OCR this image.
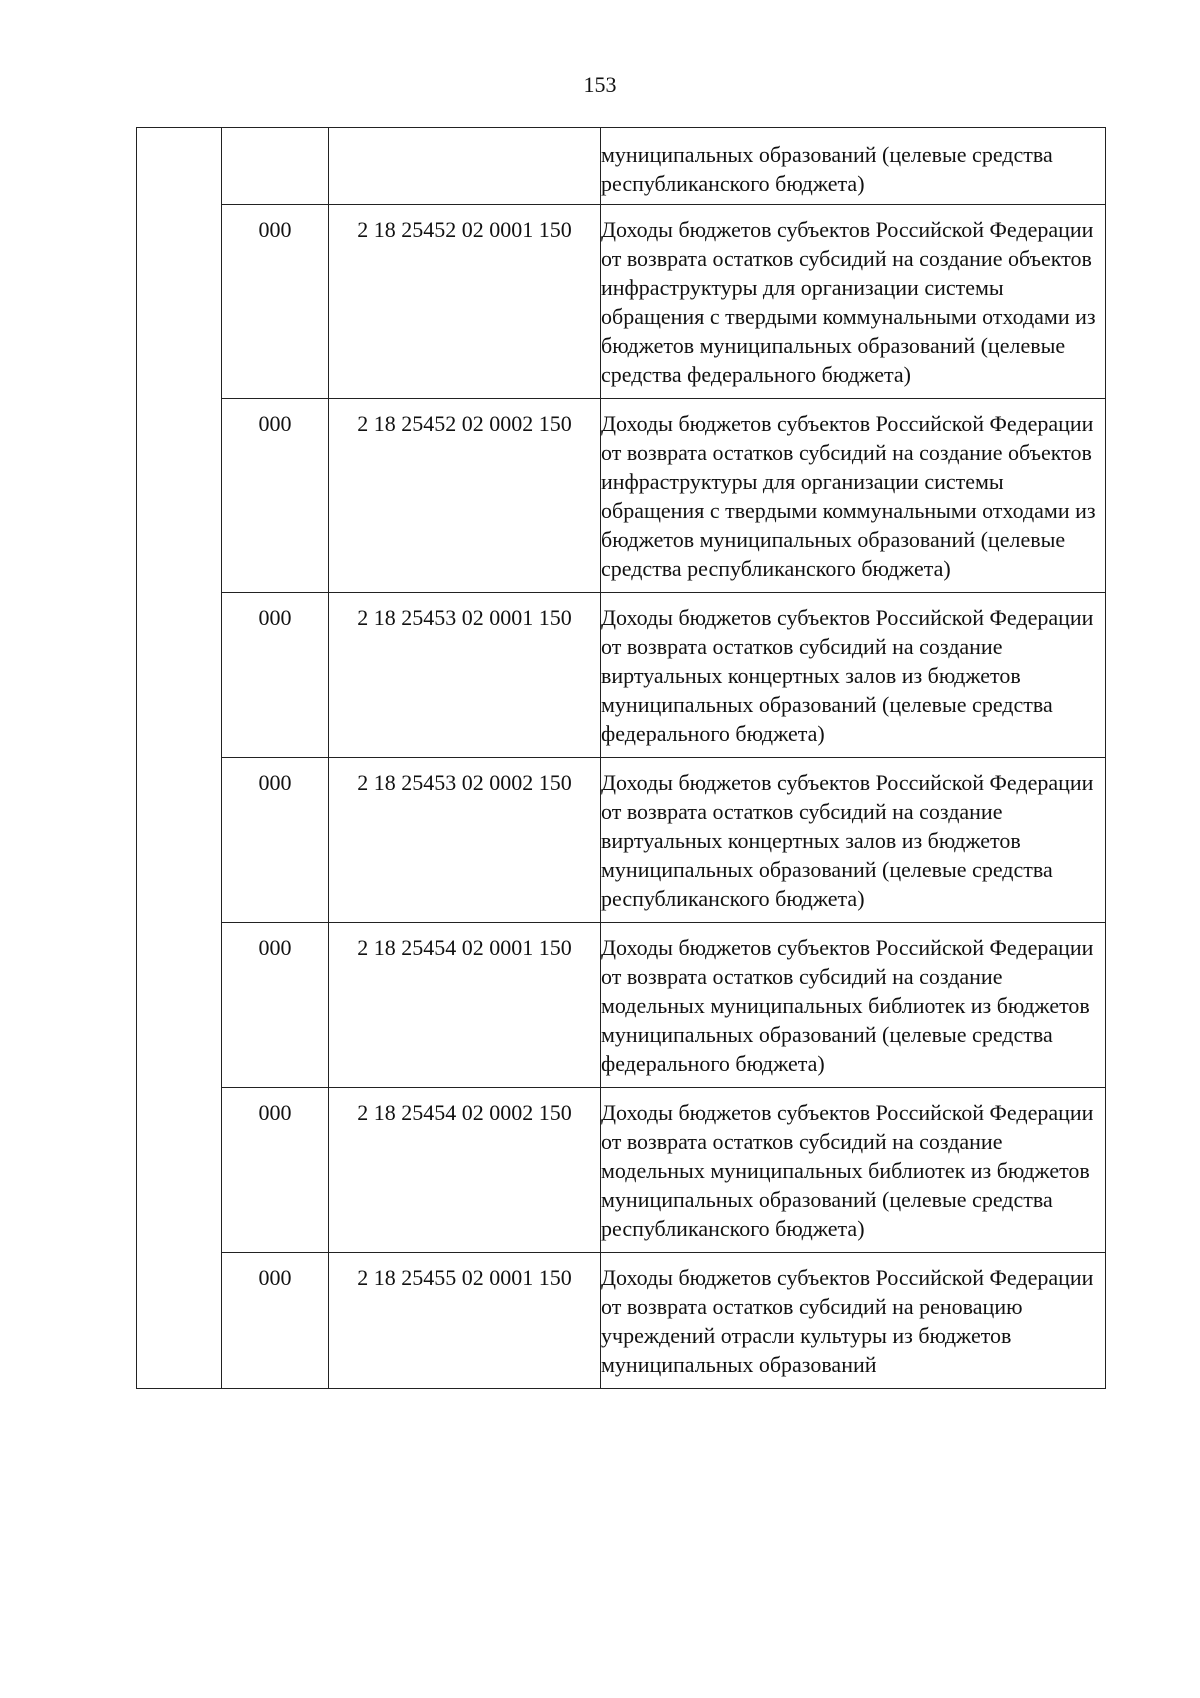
153
			муниципальных образований (целевые средства республиканского бюджета)
	000	2 18 25452 02 0001 150	Доходы бюджетов субъектов Российской Федерации от возврата остатков субсидий на создание объектов инфраструктуры для организации системы обращения с твердыми коммунальными отходами из бюджетов муниципальных образований (целевые средства федерального бюджета)
	000	2 18 25452 02 0002 150	Доходы бюджетов субъектов Российской Федерации от возврата остатков субсидий на создание объектов инфраструктуры для организации системы обращения с твердыми коммунальными отходами из бюджетов муниципальных образований (целевые средства республиканского бюджета)
	000	2 18 25453 02 0001 150	Доходы бюджетов субъектов Российской Федерации от возврата остатков субсидий на создание виртуальных концертных залов из бюджетов муниципальных образований (целевые средства федерального бюджета)
	000	2 18 25453 02 0002 150	Доходы бюджетов субъектов Российской Федерации от возврата остатков субсидий на создание виртуальных концертных залов из бюджетов муниципальных образований (целевые средства республиканского бюджета)
	000	2 18 25454 02 0001 150	Доходы бюджетов субъектов Российской Федерации от возврата остатков субсидий на создание модельных муниципальных библиотек из бюджетов муниципальных образований (целевые средства федерального бюджета)
	000	2 18 25454 02 0002 150	Доходы бюджетов субъектов Российской Федерации от возврата остатков субсидий на создание модельных муниципальных библиотек из бюджетов муниципальных образований (целевые средства республиканского бюджета)
	000	2 18 25455 02 0001 150	Доходы бюджетов субъектов Российской Федерации от возврата остатков субсидий на реновацию учреждений отрасли культуры из бюджетов муниципальных образований
